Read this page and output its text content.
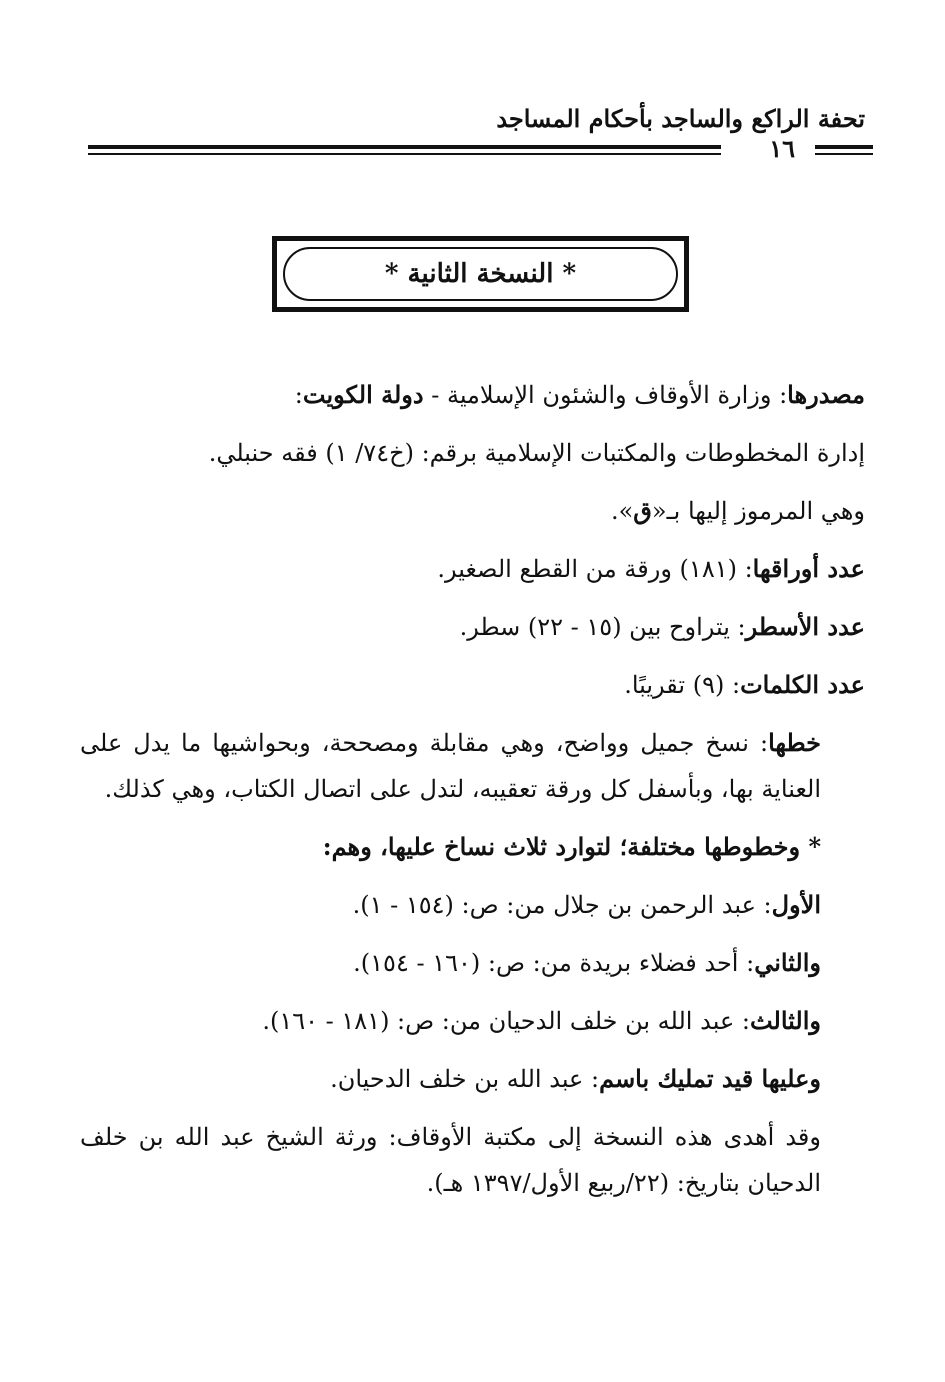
تحفة الراكع والساجد بأحكام المساجد
١٦
* النسخة الثانية *

مصدرها: وزارة الأوقاف والشئون الإسلامية - دولة الكويت:

إدارة المخطوطات والمكتبات الإسلامية برقم: (خ٧٤/ ١) فقه حنبلي.

وهي المرموز إليها بـ«ق».

عدد أوراقها: (١٨١) ورقة من القطع الصغير.

عدد الأسطر: يتراوح بين (١٥ - ٢٢) سطر.

عدد الكلمات: (٩) تقريبًا.

خطها: نسخ جميل وواضح، وهي مقابلة ومصححة، وبحواشيها ما يدل على العناية بها، وبأسفل كل ورقة تعقيبه، لتدل على اتصال الكتاب، وهي كذلك.

* وخطوطها مختلفة؛ لتوارد ثلاث نساخ عليها، وهم:

الأول: عبد الرحمن بن جلال من: ص: (١٥٤ - ١).

والثاني: أحد فضلاء بريدة من: ص: (١٦٠ - ١٥٤).

والثالث: عبد الله بن خلف الدحيان من: ص: (١٨١ - ١٦٠).

وعليها قيد تمليك باسم: عبد الله بن خلف الدحيان.

وقد أهدى هذه النسخة إلى مكتبة الأوقاف: ورثة الشيخ عبد الله بن خلف الدحيان بتاريخ: (٢٢/ربيع الأول/١٣٩٧ هـ).
